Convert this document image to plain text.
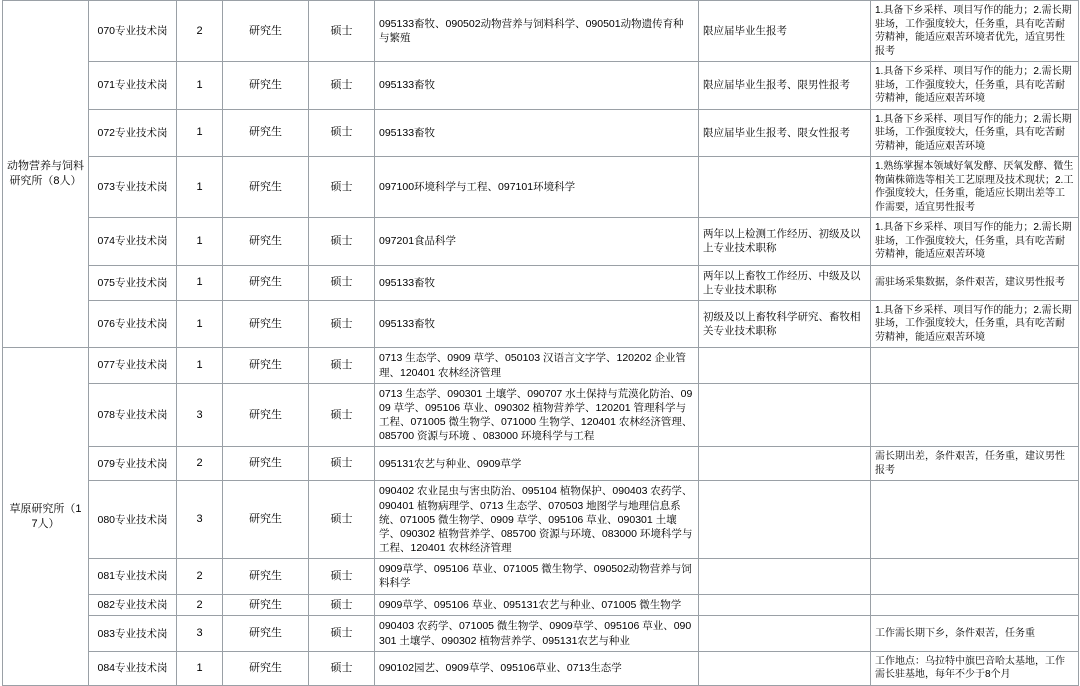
动物营养与饲料研究所（8人）	070专业技术岗	2	研究生	硕士	095133畜牧、090502动物营养与饲料科学、090501动物遗传育种与繁殖	限应届毕业生报考	1.具备下乡采样、项目写作的能力；2.需长期驻场，工作强度较大，任务重，具有吃苦耐劳精神，能适应艰苦环境者优先，适宜男性报考
	071专业技术岗	1	研究生	硕士	095133畜牧	限应届毕业生报考、限男性报考	1.具备下乡采样、项目写作的能力；2.需长期驻场，工作强度较大，任务重，具有吃苦耐劳精神，能适应艰苦环境
	072专业技术岗	1	研究生	硕士	095133畜牧	限应届毕业生报考、限女性报考	1.具备下乡采样、项目写作的能力；2.需长期驻场，工作强度较大，任务重，具有吃苦耐劳精神，能适应艰苦环境
	073专业技术岗	1	研究生	硕士	097100环境科学与工程、097101环境科学		1.熟练掌握本领域好氧发酵、厌氧发酵、微生物菌株筛选等相关工艺原理及技术现状；2.工作强度较大，任务重，能适应长期出差等工作需要，适宜男性报考
	074专业技术岗	1	研究生	硕士	097201食品科学	两年以上检测工作经历、初级及以上专业技术职称	1.具备下乡采样、项目写作的能力；2.需长期驻场，工作强度较大，任务重，具有吃苦耐劳精神，能适应艰苦环境
	075专业技术岗	1	研究生	硕士	095133畜牧	两年以上畜牧工作经历、中级及以上专业技术职称	需驻场采集数据，条件艰苦，建议男性报考
	076专业技术岗	1	研究生	硕士	095133畜牧	初级及以上畜牧科学研究、畜牧相关专业技术职称	1.具备下乡采样、项目写作的能力；2.需长期驻场，工作强度较大，任务重，具有吃苦耐劳精神，能适应艰苦环境
草原研究所（17人）	077专业技术岗	1	研究生	硕士	0713 生态学、0909 草学、050103 汉语言文字学、120202 企业管理、120401 农林经济管理		
	078专业技术岗	3	研究生	硕士	0713 生态学、090301 土壤学、090707 水土保持与荒漠化防治、0909 草学、095106 草业、090302 植物营养学、120201 管理科学与工程、071005 微生物学、071000 生物学、120401 农林经济管理、085700 资源与环境 、083000 环境科学与工程		
	079专业技术岗	2	研究生	硕士	095131农艺与种业、0909草学		需长期出差，条件艰苦，任务重，建议男性报考
	080专业技术岗	3	研究生	硕士	090402 农业昆虫与害虫防治、095104 植物保护、090403 农药学、090401 植物病理学、0713 生态学、070503 地图学与地理信息系统、071005 微生物学、0909 草学、095106 草业、090301 土壤学、090302 植物营养学、085700 资源与环境、083000 环境科学与工程、120401 农林经济管理		
	081专业技术岗	2	研究生	硕士	0909草学、095106 草业、071005 微生物学、090502动物营养与饲料科学		
	082专业技术岗	2	研究生	硕士	0909草学、095106 草业、095131农艺与种业、071005 微生物学		
	083专业技术岗	3	研究生	硕士	090403 农药学、071005 微生物学、0909草学、095106 草业、090301 土壤学、090302 植物营养学、095131农艺与种业		工作需长期下乡，条件艰苦，任务重
	084专业技术岗	1	研究生	硕士	090102园艺、0909草学、095106草业、0713生态学		工作地点：乌拉特中旗巴音哈太基地，工作需长驻基地，每年不少于8个月
